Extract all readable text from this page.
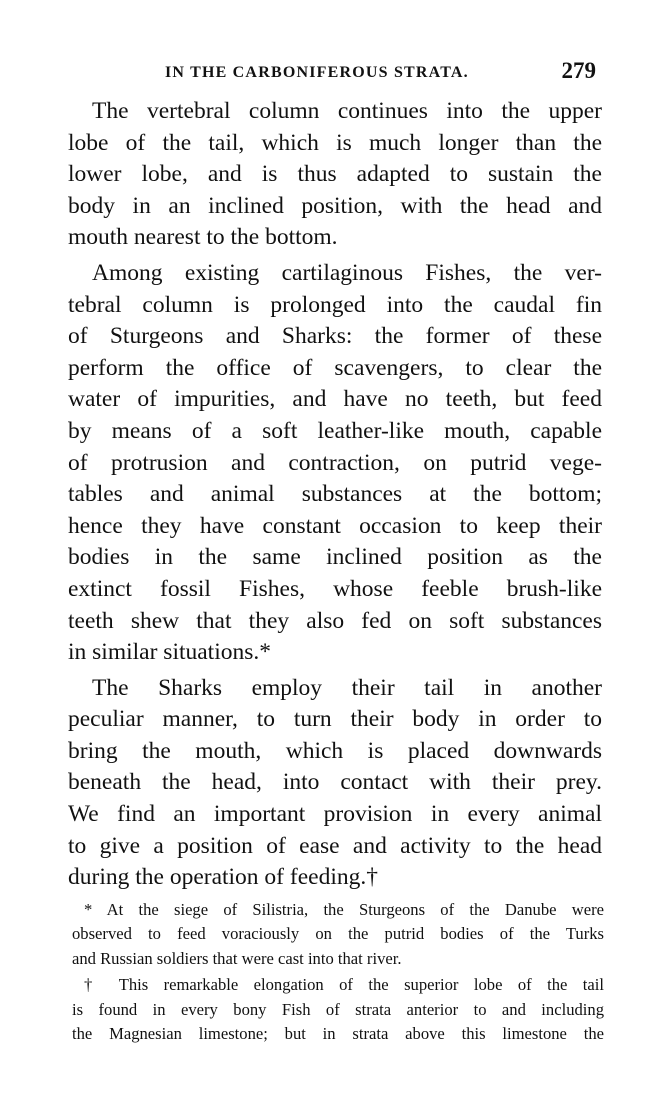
IN THE CARBONIFEROUS STRATA.	279
The vertebral column continues into the upper
lobe of the tail, which is much longer than the
lower lobe, and is thus adapted to sustain the
body in an inclined position, with the head and
mouth nearest to the bottom.
Among existing cartilaginous Fishes, the ver-
tebral column is prolonged into the caudal fin
of Sturgeons and Sharks: the former of these
perform the office of scavengers, to clear the
water of impurities, and have no teeth, but feed
by means of a soft leather-like mouth, capable
of protrusion and contraction, on putrid vege-
tables and animal substances at the bottom;
hence they have constant occasion to keep their
bodies in the same inclined position as the
extinct fossil Fishes, whose feeble brush-like
teeth shew that they also fed on soft substances
in similar situations.*
The Sharks employ their tail in another
peculiar manner, to turn their body in order to
bring the mouth, which is placed downwards
beneath the head, into contact with their prey.
We find an important provision in every animal
to give a position of ease and activity to the head
during the operation of feeding.†
* At the siege of Silistria, the Sturgeons of the Danube were
observed to feed voraciously on the putrid bodies of the Turks
and Russian soldiers that were cast into that river.
† This remarkable elongation of the superior lobe of the tail
is found in every bony Fish of strata anterior to and including
the Magnesian limestone; but in strata above this limestone the
